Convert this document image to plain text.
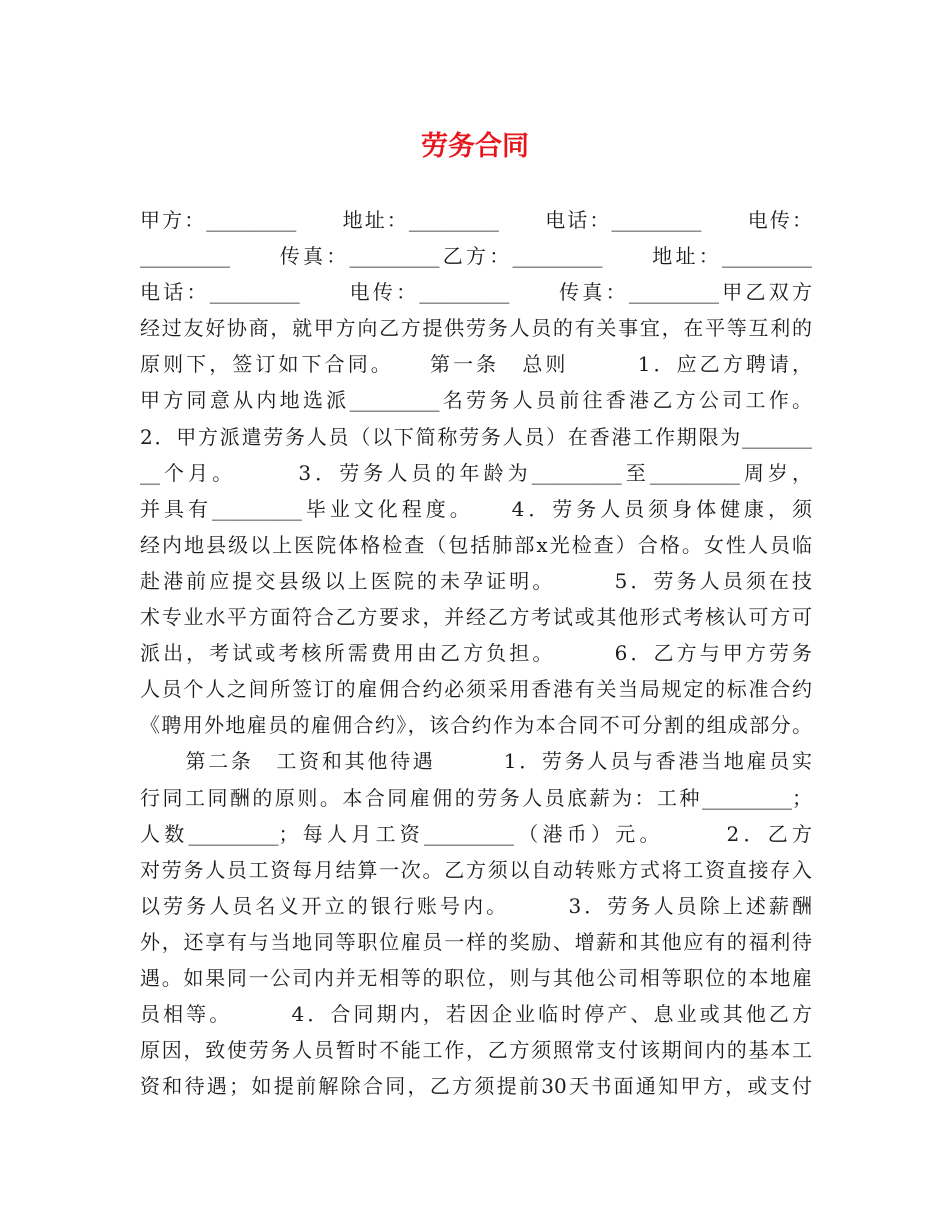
劳务合同
甲方：_________　　地址：_________　　电话：_________　　电传：
_________　　传真：_________乙方：_________　　地址：_________
电话：_________　　电传：_________　　传真：_________甲乙双方
经过友好协商，就甲方向乙方提供劳务人员的有关事宜，在平等互利的
原则下，签订如下合同。　　第一条　总则　　　1．应乙方聘请，
甲方同意从内地选派_________名劳务人员前往香港乙方公司工作。
2．甲方派遣劳务人员（以下简称劳务人员）在香港工作期限为_______
__个月。　　　3．劳务人员的年龄为_________至_________周岁，
并具有_________毕业文化程度。　　4．劳务人员须身体健康，须
经内地县级以上医院体格检查（包括肺部x光检查）合格。女性人员临
赴港前应提交县级以上医院的未孕证明。　　　5．劳务人员须在技
术专业水平方面符合乙方要求，并经乙方考试或其他形式考核认可方可
派出，考试或考核所需费用由乙方负担。　　　6．乙方与甲方劳务
人员个人之间所签订的雇佣合约必须采用香港有关当局规定的标准合约
《聘用外地雇员的雇佣合约》，该合约作为本合同不可分割的组成部分。
　　第二条　工资和其他待遇　　　1．劳务人员与香港当地雇员实
行同工同酬的原则。本合同雇佣的劳务人员底薪为：工种_________；
人数_________；每人月工资_________（港币）元。　　　2．乙方
对劳务人员工资每月结算一次。乙方须以自动转账方式将工资直接存入
以劳务人员名义开立的银行账号内。　　　3．劳务人员除上述薪酬
外，还享有与当地同等职位雇员一样的奖励、增薪和其他应有的福利待
遇。如果同一公司内并无相等的职位，则与其他公司相等职位的本地雇
员相等。　　　4．合同期内，若因企业临时停产、息业或其他乙方
原因，致使劳务人员暂时不能工作，乙方须照常支付该期间内的基本工
资和待遇；如提前解除合同，乙方须提前30天书面通知甲方，或支付
